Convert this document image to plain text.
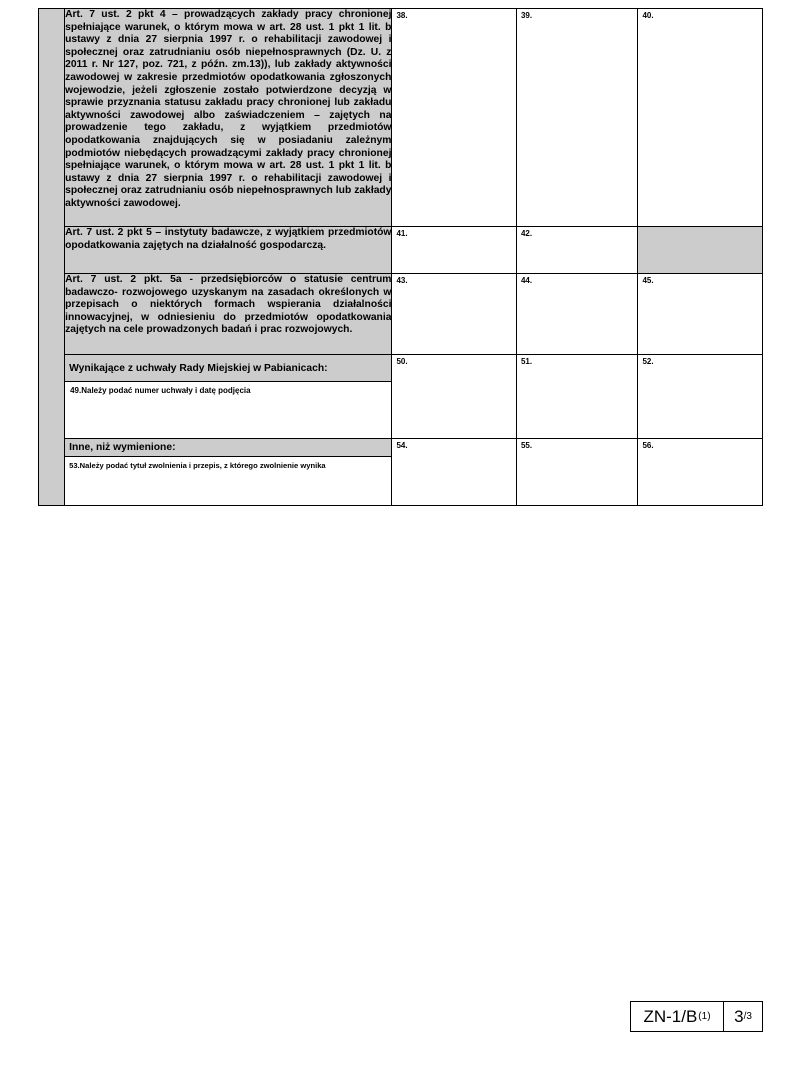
	Art. 7 ust. 2 pkt 4 – prowadzących zakłady pracy chronionej spełniające warunek, o którym mowa w art. 28 ust. 1 pkt 1 lit. b ustawy z dnia 27 sierpnia 1997 r. o rehabilitacji zawodowej i społecznej oraz zatrudnianiu osób niepełnosprawnych (Dz. U. z 2011 r. Nr 127, poz. 721, z późn. zm.13)), lub zakłady aktywności zawodowej w zakresie przedmiotów opodatkowania zgłoszonych wojewodzie, jeżeli zgłoszenie zostało potwierdzone decyzją w sprawie przyznania statusu zakładu pracy chronionej lub zakładu aktywności zawodowej albo zaświadczeniem – zajętych na prowadzenie tego zakładu, z wyjątkiem przedmiotów opodatkowania znajdujących się w posiadaniu zależnym podmiotów niebędących prowadzącymi zakłady pracy chronionej spełniające warunek, o którym mowa w art. 28 ust. 1 pkt 1 lit. b ustawy z dnia 27 sierpnia 1997 r. o rehabilitacji zawodowej i społecznej oraz zatrudnianiu osób niepełnosprawnych lub zakłady aktywności zawodowej.	38.	39.	40.

	Art. 7 ust. 2 pkt 5 – instytuty badawcze, z wyjątkiem przedmiotów opodatkowania zajętych na działalność gospodarczą.	41.	42.	

	Art. 7 ust. 2 pkt. 5a - przedsiębiorców o statusie centrum badawczo- rozwojowego uzyskanym na zasadach określonych w przepisach o niektórych formach wspierania działalności innowacyjnej, w odniesieniu do przedmiotów opodatkowania zajętych na cele prowadzonych badań i prac rozwojowych.	43.	44.	45.

Wynikające z uchwały Rady Miejskiej w Pabianicach:
49.Należy podać numer uchwały i datę podjęcia	50.	51.	52.

Inne, niż wymienione:
53.Należy podać tytuł zwolnienia i przepis, z którego zwolnienie wynika	54.	55.	56.
ZN-1/B (1) 3 /3
